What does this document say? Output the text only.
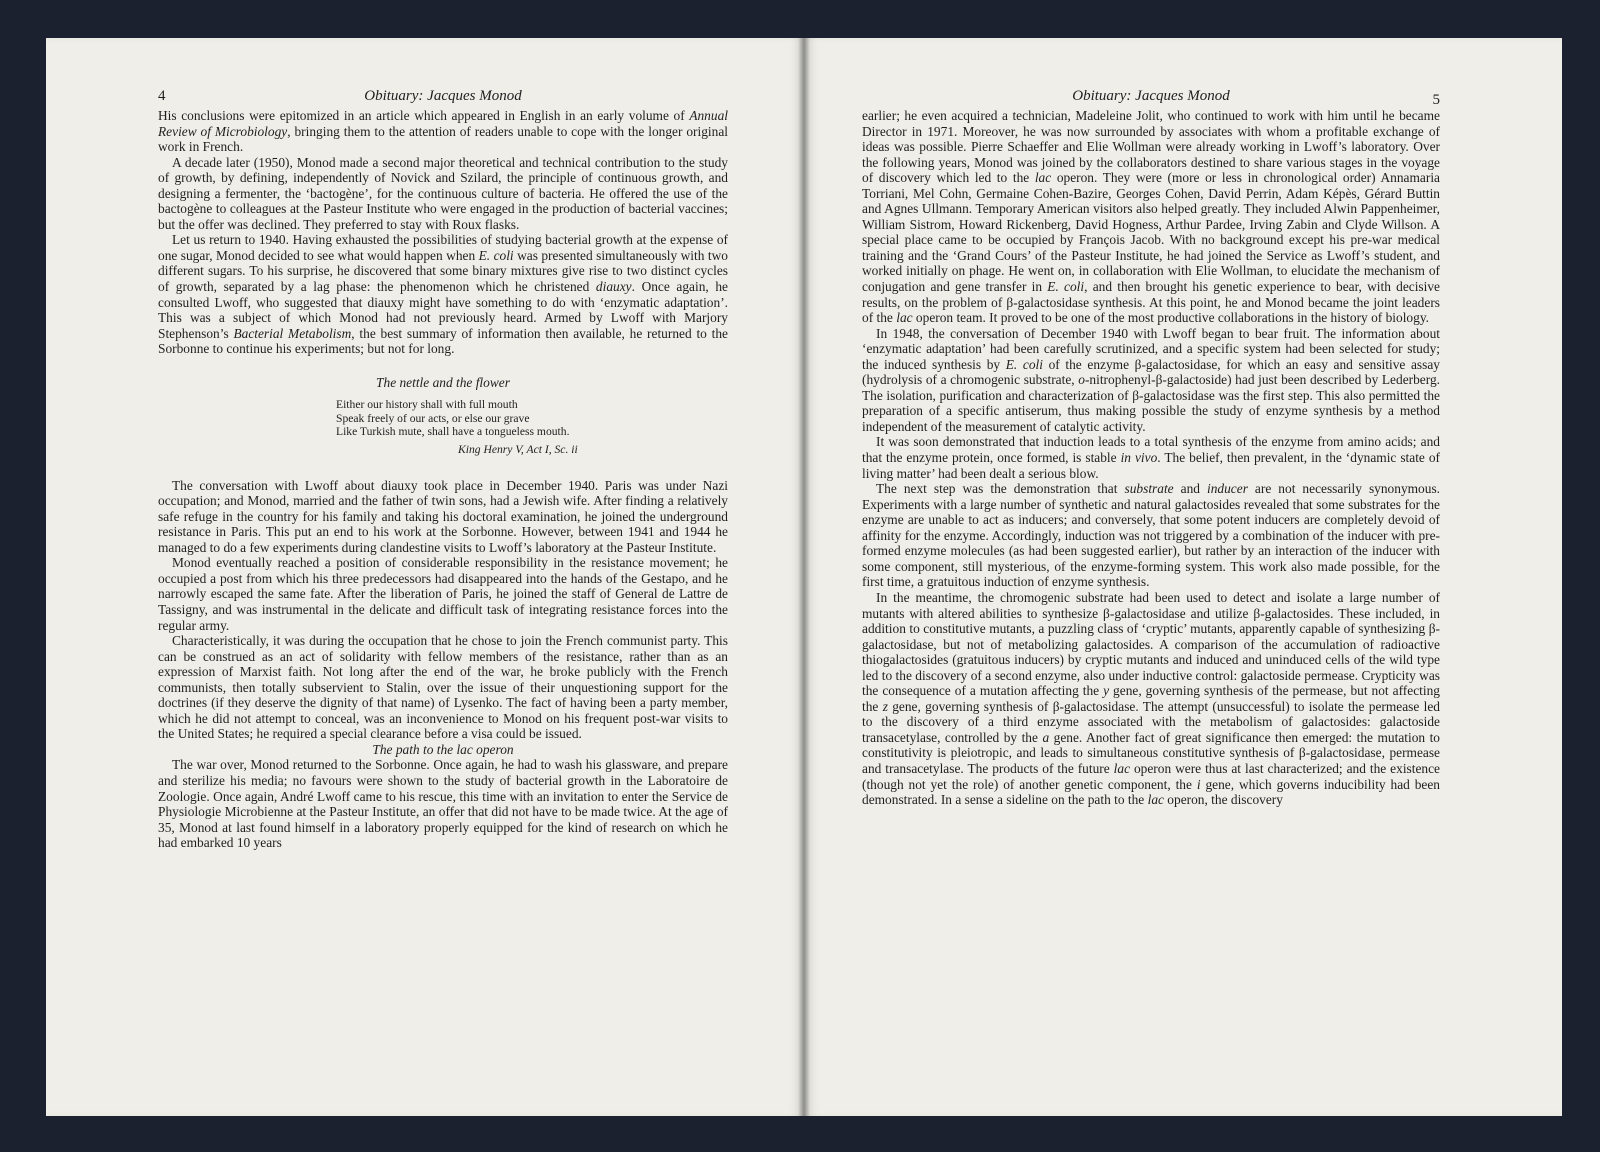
4	Obituary: Jacques Monod

His conclusions were epitomized in an article which appeared in English in an early volume of Annual Review of Microbiology, bringing them to the attention of readers unable to cope with the longer original work in French.

A decade later (1950), Monod made a second major theoretical and technical contribution to the study of growth, by defining, independently of Novick and Szilard, the principle of continuous growth, and designing a fermenter, the ‘bactogène’, for the continuous culture of bacteria. He offered the use of the bactogène to colleagues at the Pasteur Institute who were engaged in the production of bacterial vaccines; but the offer was declined. They preferred to stay with Roux flasks.

Let us return to 1940. Having exhausted the possibilities of studying bacterial growth at the expense of one sugar, Monod decided to see what would happen when E. coli was presented simultaneously with two different sugars. To his surprise, he discovered that some binary mixtures give rise to two distinct cycles of growth, separated by a lag phase: the phenomenon which he christened diauxy. Once again, he consulted Lwoff, who suggested that diauxy might have something to do with ‘enzymatic adaptation’. This was a subject of which Monod had not previously heard. Armed by Lwoff with Marjory Stephenson’s Bacterial Metabolism, the best summary of information then available, he returned to the Sorbonne to continue his experiments; but not for long.

The nettle and the flower
Either our history shall with full mouth
Speak freely of our acts, or else our grave
Like Turkish mute, shall have a tongueless mouth.
King Henry V, Act I, Sc. ii

The conversation with Lwoff about diauxy took place in December 1940. Paris was under Nazi occupation; and Monod, married and the father of twin sons, had a Jewish wife. After finding a relatively safe refuge in the country for his family and taking his doctoral examination, he joined the underground resistance in Paris. This put an end to his work at the Sorbonne. However, between 1941 and 1944 he managed to do a few experiments during clandestine visits to Lwoff’s laboratory at the Pasteur Institute.

Monod eventually reached a position of considerable responsibility in the resistance movement; he occupied a post from which his three predecessors had disappeared into the hands of the Gestapo, and he narrowly escaped the same fate. After the liberation of Paris, he joined the staff of General de Lattre de Tassigny, and was instrumental in the delicate and difficult task of integrating resistance forces into the regular army.

Characteristically, it was during the occupation that he chose to join the French communist party. This can be construed as an act of solidarity with fellow members of the resistance, rather than as an expression of Marxist faith. Not long after the end of the war, he broke publicly with the French communists, then totally subservient to Stalin, over the issue of their unquestioning support for the doctrines (if they deserve the dignity of that name) of Lysenko. The fact of having been a party member, which he did not attempt to conceal, was an inconvenience to Monod on his frequent post-war visits to the United States; he required a special clearance before a visa could be issued.

The path to the lac operon

The war over, Monod returned to the Sorbonne. Once again, he had to wash his glassware, and prepare and sterilize his media; no favours were shown to the study of bacterial growth in the Laboratoire de Zoologie. Once again, André Lwoff came to his rescue, this time with an invitation to enter the Service de Physiologie Microbienne at the Pasteur Institute, an offer that did not have to be made twice. At the age of 35, Monod at last found himself in a laboratory properly equipped for the kind of research on which he had embarked 10 years

Obituary: Jacques Monod	5

earlier; he even acquired a technician, Madeleine Jolit, who continued to work with him until he became Director in 1971. Moreover, he was now surrounded by associates with whom a profitable exchange of ideas was possible. Pierre Schaeffer and Elie Wollman were already working in Lwoff’s laboratory. Over the following years, Monod was joined by the collaborators destined to share various stages in the voyage of discovery which led to the lac operon. They were (more or less in chronological order) Annamaria Torriani, Mel Cohn, Germaine Cohen-Bazire, Georges Cohen, David Perrin, Adam Képès, Gérard Buttin and Agnes Ullmann. Temporary American visitors also helped greatly. They included Alwin Pappenheimer, William Sistrom, Howard Rickenberg, David Hogness, Arthur Pardee, Irving Zabin and Clyde Willson. A special place came to be occupied by François Jacob. With no background except his pre-war medical training and the ‘Grand Cours’ of the Pasteur Institute, he had joined the Service as Lwoff’s student, and worked initially on phage. He went on, in collaboration with Elie Wollman, to elucidate the mechanism of conjugation and gene transfer in E. coli, and then brought his genetic experience to bear, with decisive results, on the problem of β-galactosidase synthesis. At this point, he and Monod became the joint leaders of the lac operon team. It proved to be one of the most productive collaborations in the history of biology.

In 1948, the conversation of December 1940 with Lwoff began to bear fruit. The information about ‘enzymatic adaptation’ had been carefully scrutinized, and a specific system had been selected for study; the induced synthesis by E. coli of the enzyme β-galactosidase, for which an easy and sensitive assay (hydrolysis of a chromogenic substrate, o-nitrophenyl-β-galactoside) had just been described by Lederberg. The isolation, purification and characterization of β-galactosidase was the first step. This also permitted the preparation of a specific antiserum, thus making possible the study of enzyme synthesis by a method independent of the measurement of catalytic activity.

It was soon demonstrated that induction leads to a total synthesis of the enzyme from amino acids; and that the enzyme protein, once formed, is stable in vivo. The belief, then prevalent, in the ‘dynamic state of living matter’ had been dealt a serious blow.

The next step was the demonstration that substrate and inducer are not necessarily synonymous. Experiments with a large number of synthetic and natural galactosides revealed that some substrates for the enzyme are unable to act as inducers; and conversely, that some potent inducers are completely devoid of affinity for the enzyme. Accordingly, induction was not triggered by a combination of the inducer with pre-formed enzyme molecules (as had been suggested earlier), but rather by an interaction of the inducer with some component, still mysterious, of the enzyme-forming system. This work also made possible, for the first time, a gratuitous induction of enzyme synthesis.

In the meantime, the chromogenic substrate had been used to detect and isolate a large number of mutants with altered abilities to synthesize β-galactosidase and utilize β-galactosides. These included, in addition to constitutive mutants, a puzzling class of ‘cryptic’ mutants, apparently capable of synthesizing β-galactosidase, but not of metabolizing galactosides. A comparison of the accumulation of radioactive thiogalactosides (gratuitous inducers) by cryptic mutants and induced and uninduced cells of the wild type led to the discovery of a second enzyme, also under inductive control: galactoside permease. Crypticity was the consequence of a mutation affecting the y gene, governing synthesis of the permease, but not affecting the z gene, governing synthesis of β-galactosidase. The attempt (unsuccessful) to isolate the permease led to the discovery of a third enzyme associated with the metabolism of galactosides: galactoside transacetylase, controlled by the a gene. Another fact of great significance then emerged: the mutation to constitutivity is pleiotropic, and leads to simultaneous constitutive synthesis of β-galactosidase, permease and transacetylase. The products of the future lac operon were thus at last characterized; and the existence (though not yet the role) of another genetic component, the i gene, which governs inducibility had been demonstrated. In a sense a sideline on the path to the lac operon, the discovery
